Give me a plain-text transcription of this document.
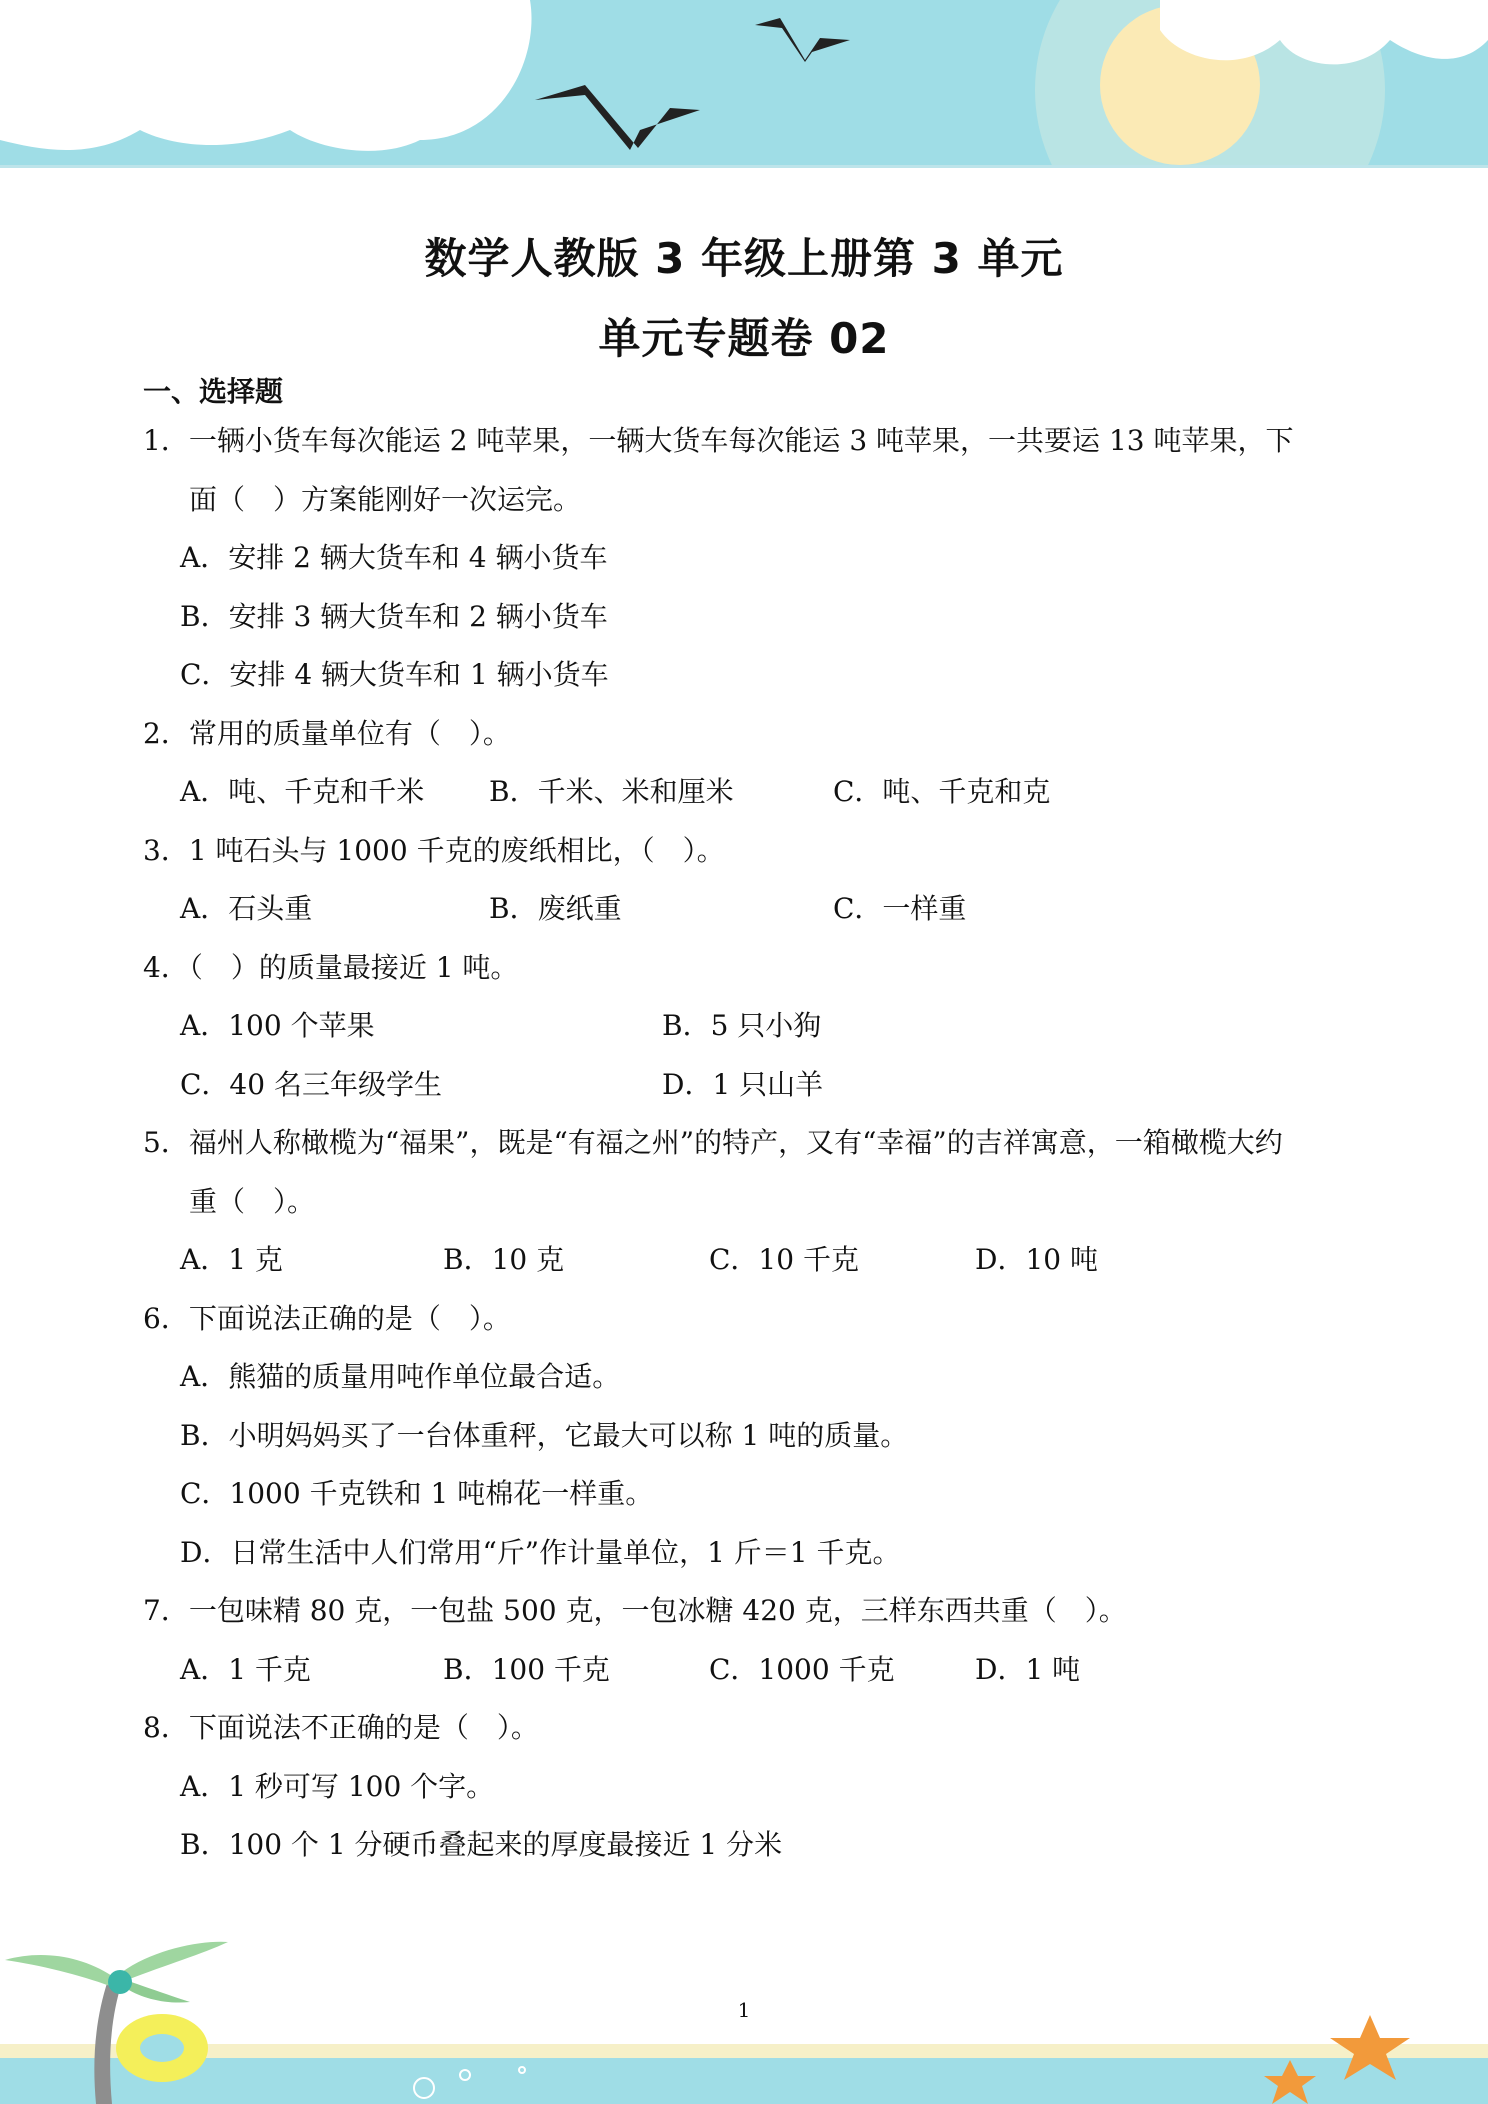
数学人教版 3 年级上册第 3 单元
单元专题卷 02
一、选择题
1．一辆小货车每次能运 2 吨苹果，一辆大货车每次能运 3 吨苹果，一共要运 13 吨苹果，下
面（　）方案能刚好一次运完。
A．安排 2 辆大货车和 4 辆小货车
B．安排 3 辆大货车和 2 辆小货车
C．安排 4 辆大货车和 1 辆小货车
2．常用的质量单位有（　）。
A．吨、千克和千米 B．千米、米和厘米	C．吨、千克和克
3．1 吨石头与 1000 千克的废纸相比，（　）。
A．石头重	B．废纸重	C．一样重
4．（　）的质量最接近 1 吨。
A．100 个苹果	B．5 只小狗
C．40 名三年级学生	D．1 只山羊
5．福州人称橄榄为“福果”，既是“有福之州”的特产，又有“幸福”的吉祥寓意，一箱橄榄大约
重（　）。
A．1 克	B．10 克	C．10 千克	D．10 吨
6．下面说法正确的是（　）。
A．熊猫的质量用吨作单位最合适。
B．小明妈妈买了一台体重秤，它最大可以称 1 吨的质量。
C．1000 千克铁和 1 吨棉花一样重。
D．日常生活中人们常用“斤”作计量单位，1 斤＝1 千克。
7．一包味精 80 克，一包盐 500 克，一包冰糖 420 克，三样东西共重（　）。
A．1 千克	B．100 千克	C．1000 千克	D．1 吨
8．下面说法不正确的是（　）。
A．1 秒可写 100 个字。
B．100 个 1 分硬币叠起来的厚度最接近 1 分米
1
